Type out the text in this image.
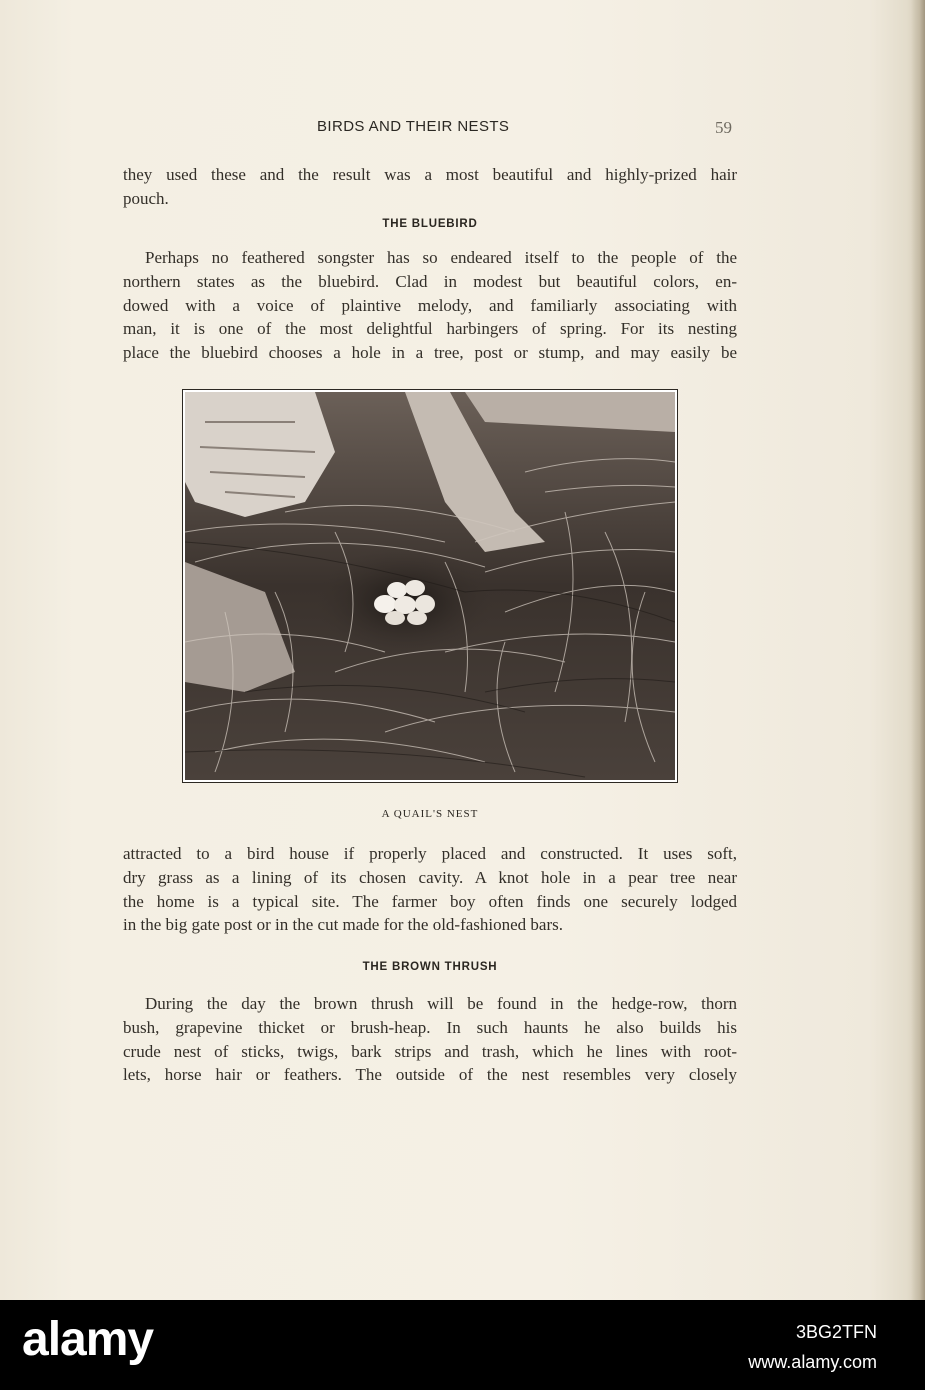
BIRDS AND THEIR NESTS	59

they used these and the result was a most beautiful and highly-prized hair
pouch.

THE BLUEBIRD

Perhaps no feathered songster has so endeared itself to the people of the
northern states as the bluebird. Clad in modest but beautiful colors, en-
dowed with a voice of plaintive melody, and familiarly associating with
man, it is one of the most delightful harbingers of spring. For its nesting
place the bluebird chooses a hole in a tree, post or stump, and may easily be

A QUAIL'S NEST

attracted to a bird house if properly placed and constructed. It uses soft,
dry grass as a lining of its chosen cavity. A knot hole in a pear tree near
the home is a typical site. The farmer boy often finds one securely lodged
in the big gate post or in the cut made for the old-fashioned bars.

THE BROWN THRUSH

During the day the brown thrush will be found in the hedge-row, thorn
bush, grapevine thicket or brush-heap. In such haunts he also builds his
crude nest of sticks, twigs, bark strips and trash, which he lines with root-
lets, horse hair or feathers. The outside of the nest resembles very closely

alamy	3BG2TFN
www.alamy.com
